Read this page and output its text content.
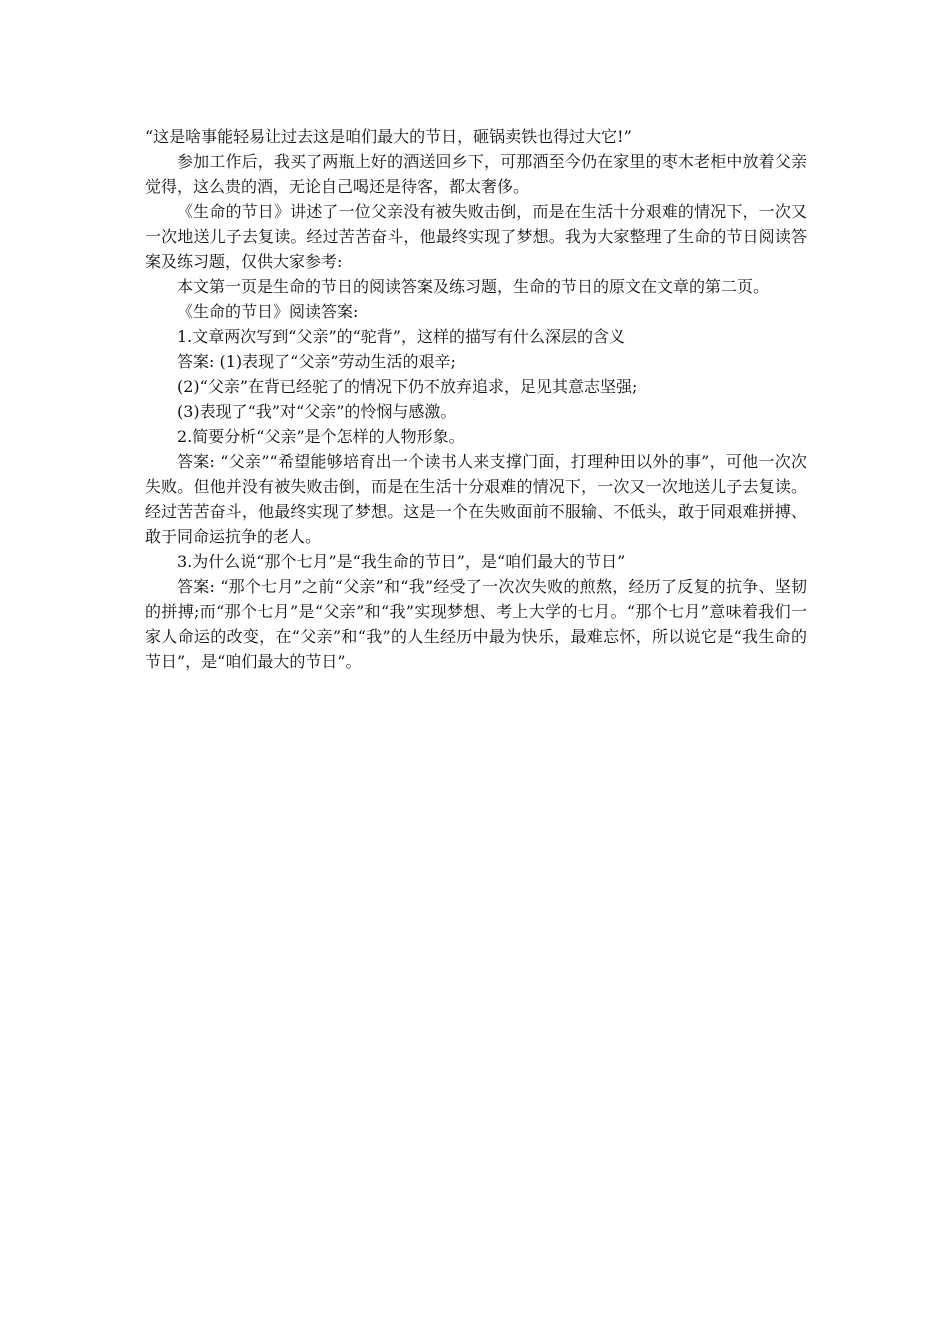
“这是啥事能轻易让过去这是咱们最大的节日，砸锅卖铁也得过大它!”

参加工作后，我买了两瓶上好的酒送回乡下，可那酒至今仍在家里的枣木老柜中放着父亲觉得，这么贵的酒，无论自己喝还是待客，都太奢侈。

《生命的节日》讲述了一位父亲没有被失败击倒，而是在生活十分艰难的情况下，一次又一次地送儿子去复读。经过苦苦奋斗，他最终实现了梦想。我为大家整理了生命的节日阅读答案及练习题，仅供大家参考:

本文第一页是生命的节日的阅读答案及练习题，生命的节日的原文在文章的第二页。

《生命的节日》阅读答案:

1.文章两次写到“父亲”的“驼背”，这样的描写有什么深层的含义

答案: (1)表现了“父亲”劳动生活的艰辛;

(2)“父亲”在背已经驼了的情况下仍不放弃追求，足见其意志坚强;

(3)表现了“我”对“父亲”的怜悯与感激。

2.简要分析“父亲”是个怎样的人物形象。

答案: “父亲”“希望能够培育出一个读书人来支撑门面，打理种田以外的事”，可他一次次失败。但他并没有被失败击倒，而是在生活十分艰难的情况下，一次又一次地送儿子去复读。经过苦苦奋斗，他最终实现了梦想。这是一个在失败面前不服输、不低头，敢于同艰难拼搏、敢于同命运抗争的老人。

3.为什么说“那个七月”是“我生命的节日”，是“咱们最大的节日”

答案: “那个七月”之前“父亲”和“我”经受了一次次失败的煎熬，经历了反复的抗争、坚韧的拼搏;而“那个七月”是“父亲”和“我”实现梦想、考上大学的七月。“那个七月”意味着我们一家人命运的改变，在“父亲”和“我”的人生经历中最为快乐，最难忘怀，所以说它是“我生命的节日”，是“咱们最大的节日”。
